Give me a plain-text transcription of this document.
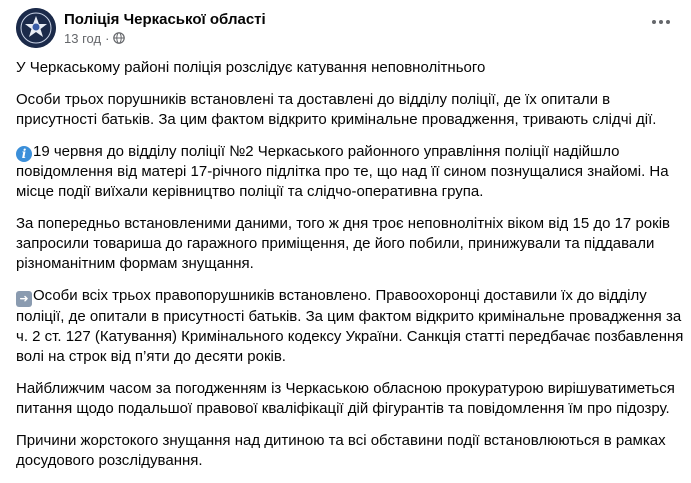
Поліція Черкаської області
13 год ·

У Черкаському районі поліція розслідує катування неповнолітнього

Особи трьох порушників встановлені та доставлені до відділу поліції, де їх опитали в присутності батьків. За цим фактом відкрито кримінальне провадження, тривають слідчі дії.

i 19 червня до відділу поліції №2 Черкаського районного управління поліції надійшло повідомлення від матері 17-річного підлітка про те, що над її сином познущалися знайомі. На місце події виїхали керівництво поліції та слідчо-оперативна група.

За попередньо встановленими даними, того ж дня троє неповнолітніх віком від 15 до 17 років запросили товариша до гаражного приміщення, де його побили, принижували та піддавали різноманітним формам знущання.

➜ Особи всіх трьох правопорушників встановлено. Правоохоронці доставили їх до відділу поліції, де опитали в присутності батьків. За цим фактом відкрито кримінальне провадження за ч. 2 ст. 127 (Катування) Кримінального кодексу України. Санкція статті передбачає позбавлення волі на строк від п’яти до десяти років.

Найближчим часом за погодженням із Черкаською обласною прокуратурою вирішуватиметься питання щодо подальшої правової кваліфікації дій фігурантів та повідомлення їм про підозру.

Причини жорстокого знущання над дитиною та всі обставини події встановлюються в рамках досудового розслідування.
